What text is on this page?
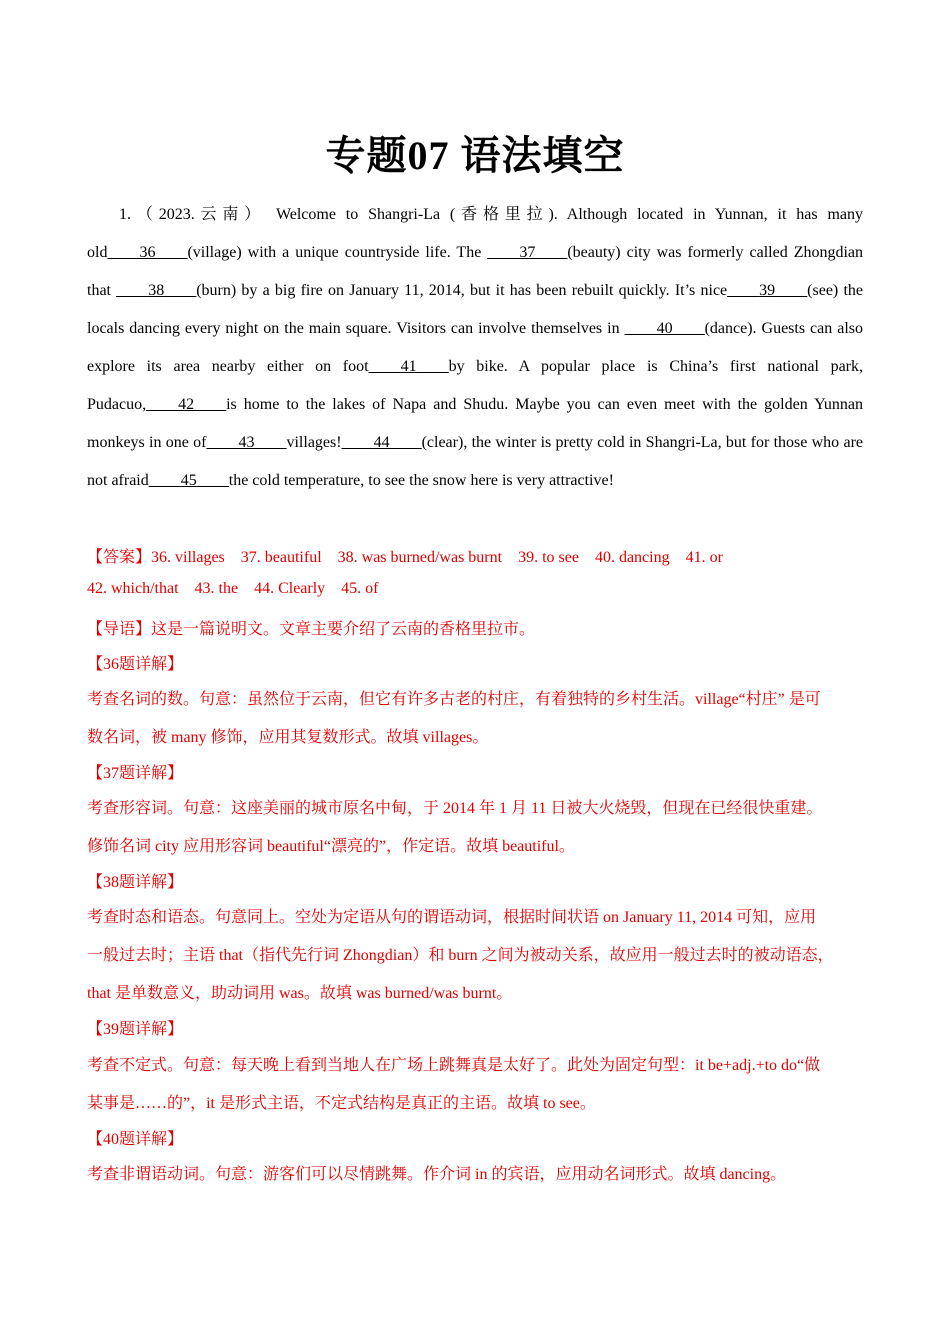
专题07 语法填空
1.（2023.云南） Welcome to Shangri-La (香格里拉). Although located in Yunnan, it has many old____36____(village) with a unique countryside life. The ____37____(beauty) city was formerly called Zhongdian that ____38____(burn) by a big fire on January 11, 2014, but it has been rebuilt quickly. It’s nice____39____(see) the locals dancing every night on the main square. Visitors can involve themselves in ____40____(dance). Guests can also explore its area nearby either on foot____41____by bike. A popular place is China’s first national park, Pudacuo,____42____is home to the lakes of Napa and Shudu. Maybe you can even meet with the golden Yunnan monkeys in one of____43____villages!____44____(clear), the winter is pretty cold in Shangri-La, but for those who are not afraid____45____the cold temperature, to see the snow here is very attractive!
【答案】36. villages    37. beautiful    38. was burned/was burnt    39. to see    40. dancing    41. or
42. which/that    43. the    44. Clearly    45. of
【导语】这是一篇说明文。文章主要介绍了云南的香格里拉市。
【36题详解】
考查名词的数。句意：虽然位于云南，但它有许多古老的村庄，有着独特的乡村生活。village“村庄” 是可
数名词，被 many 修饰，应用其复数形式。故填 villages。
【37题详解】
考查形容词。句意：这座美丽的城市原名中甸，于 2014 年 1 月 11 日被大火烧毁，但现在已经很快重建。
修饰名词 city 应用形容词 beautiful“漂亮的”，作定语。故填 beautiful。
【38题详解】
考查时态和语态。句意同上。空处为定语从句的谓语动词，根据时间状语 on January 11, 2014 可知，应用
一般过去时；主语 that（指代先行词 Zhongdian）和 burn 之间为被动关系，故应用一般过去时的被动语态，
that 是单数意义，助动词用 was。故填 was burned/was burnt。
【39题详解】
考查不定式。句意：每天晚上看到当地人在广场上跳舞真是太好了。此处为固定句型：it be+adj.+to do“做
某事是……的”，it 是形式主语，不定式结构是真正的主语。故填 to see。
【40题详解】
考查非谓语动词。句意：游客们可以尽情跳舞。作介词 in 的宾语，应用动名词形式。故填 dancing。
